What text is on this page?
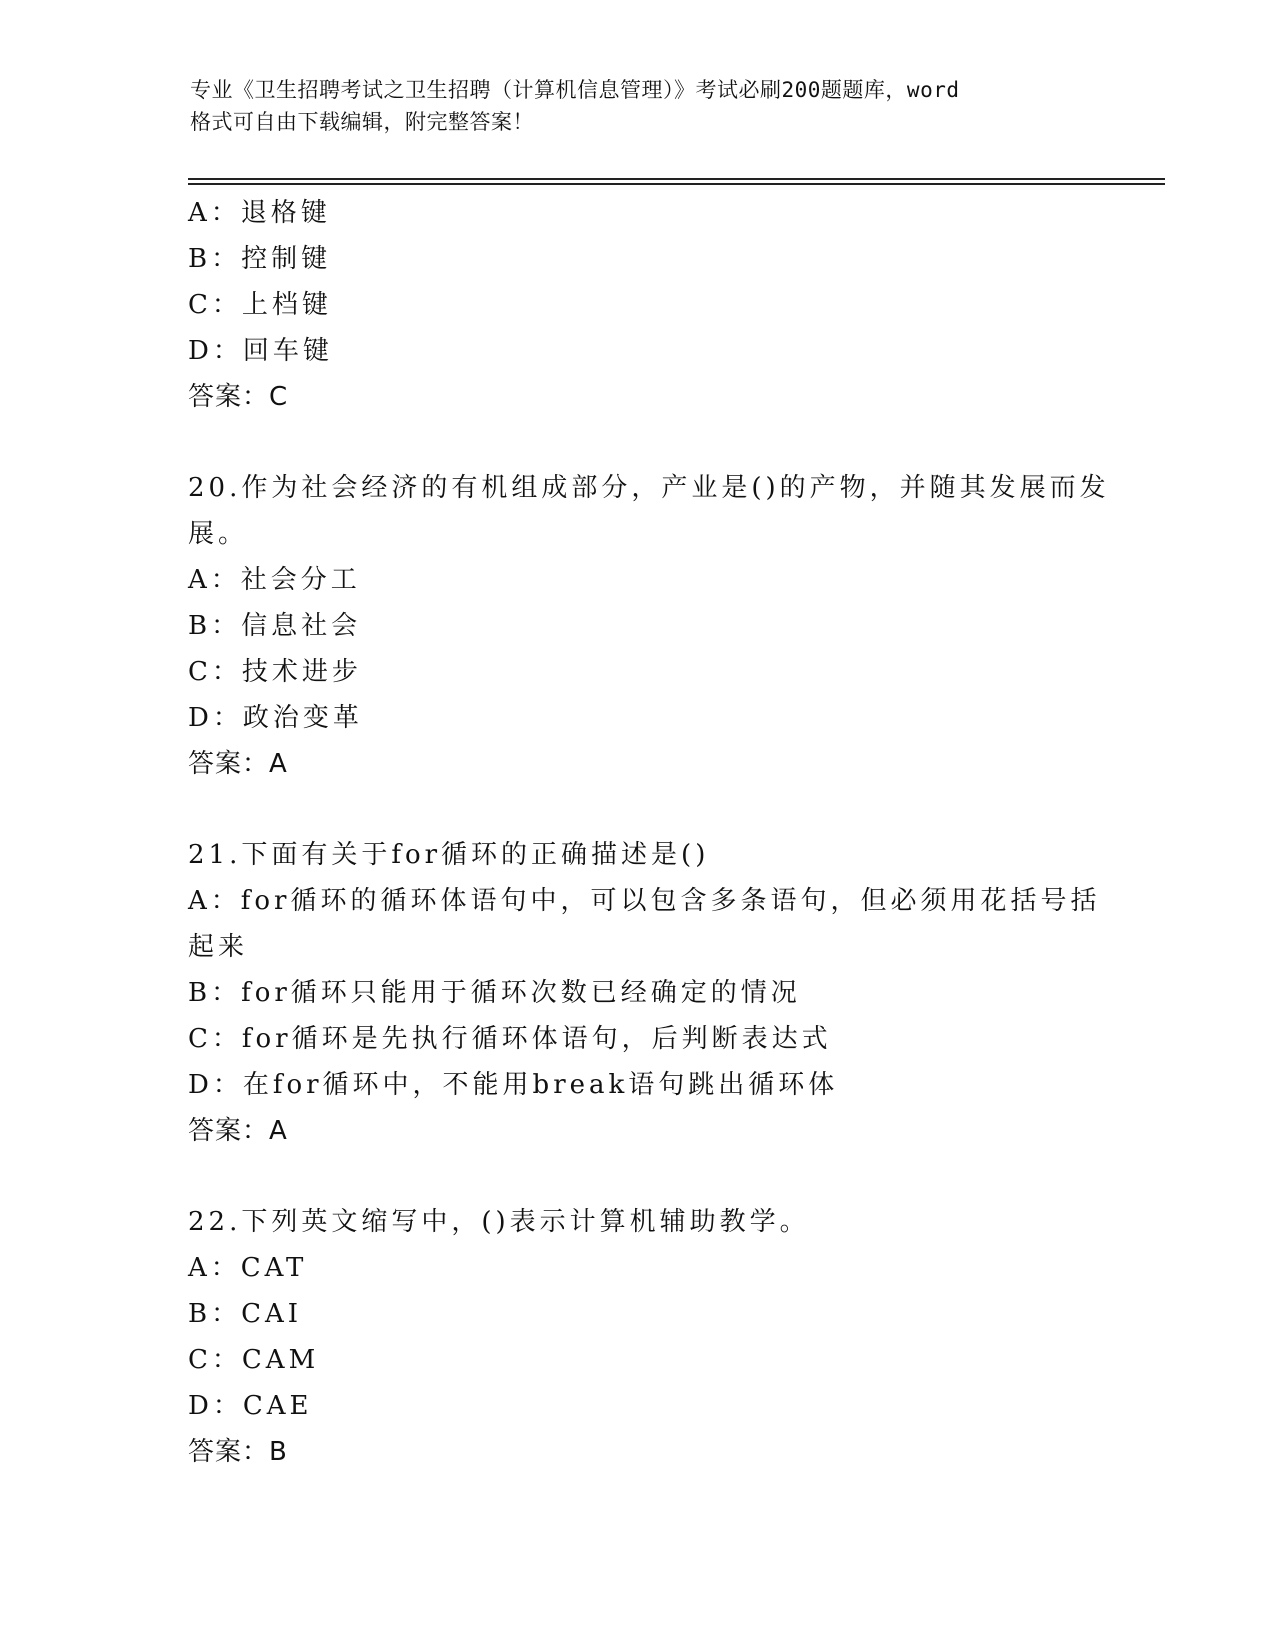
专业《卫生招聘考试之卫生招聘（计算机信息管理）》考试必刷200题题库，word
格式可自由下载编辑，附完整答案！
A：退格键
B：控制键
C：上档键
D：回车键
答案：C
20.作为社会经济的有机组成部分，产业是()的产物，并随其发展而发
展。
A：社会分工
B：信息社会
C：技术进步
D：政治变革
答案：A
21.下面有关于for循环的正确描述是()
A：for循环的循环体语句中，可以包含多条语句，但必须用花括号括
起来
B：for循环只能用于循环次数已经确定的情况
C：for循环是先执行循环体语句，后判断表达式
D：在for循环中，不能用break语句跳出循环体
答案：A
22.下列英文缩写中，()表示计算机辅助教学。
A：CAT
B：CAI
C：CAM
D：CAE
答案：B
